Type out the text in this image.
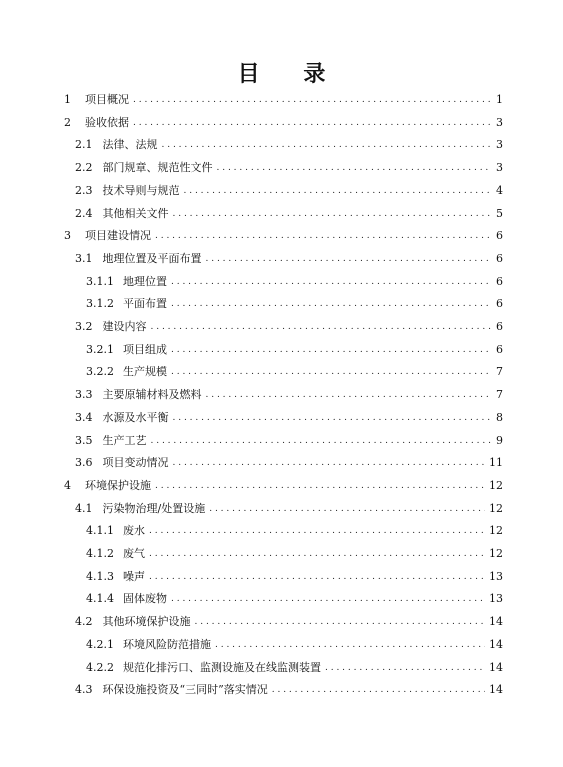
目 录
1 项目概况 . . .	1
2 验收依据 . . .	3
2.1 法律、法规 . . .	3
2.2 部门规章、规范性文件 . . .	3
2.3 技术导则与规范 . . .	4
2.4 其他相关文件 . . .	5
3 项目建设情况 . . .	6
3.1 地理位置及平面布置 . . .	6
3.1.1 地理位置 . . .	6
3.1.2 平面布置 . . .	6
3.2 建设内容 . . .	6
3.2.1 项目组成 . . .	6
3.2.2 生产规模 . . .	7
3.3 主要原辅材料及燃料 . . .	7
3.4 水源及水平衡 . . .	8
3.5 生产工艺 . . .	9
3.6 项目变动情况 . . .	11
4 环境保护设施 . . .	12
4.1 污染物治理/处置设施 . . .	12
4.1.1 废水 . . .	12
4.1.2 废气 . . .	12
4.1.3 噪声 . . .	13
4.1.4 固体废物 . . .	13
4.2 其他环境保护设施 . . .	14
4.2.1 环境风险防范措施 . . .	14
4.2.2 规范化排污口、监测设施及在线监测装置 . . .	14
4.3 环保设施投资及“三同时”落实情况 . . .	14
